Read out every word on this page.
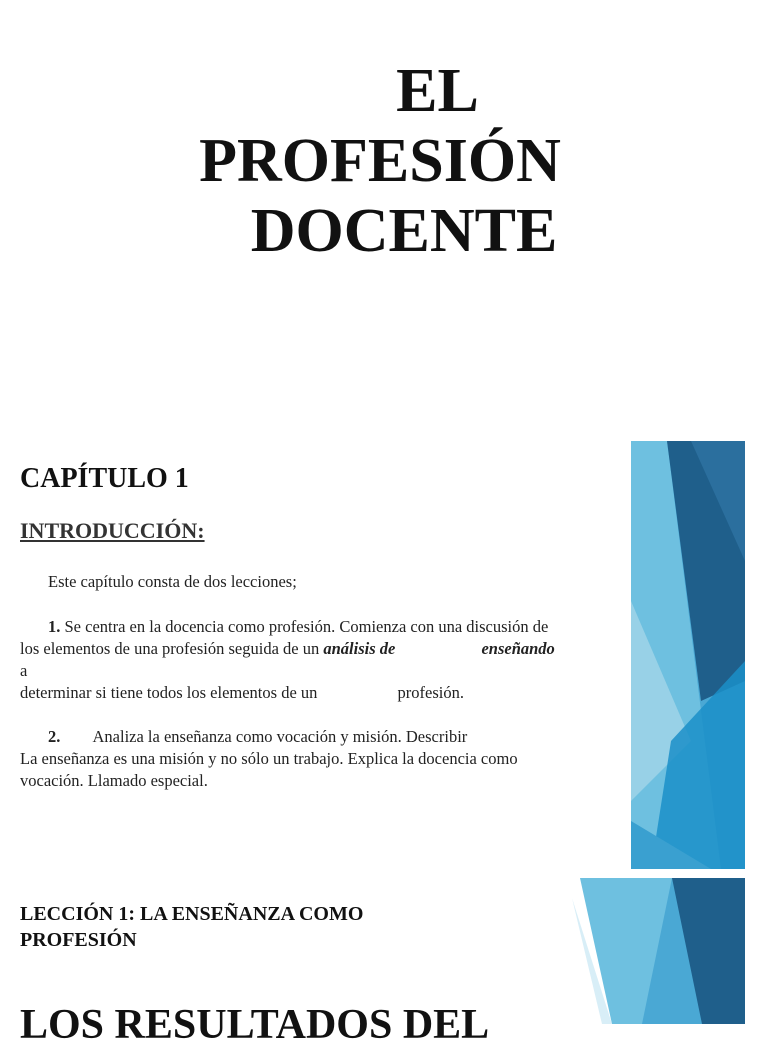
EL
PROFESIÓN
DOCENTE
CAPÍTULO 1
INTRODUCCIÓN:

Este capítulo consta de dos lecciones;

1. Se centra en la docencia como profesión. Comienza con una discusión de
los elementos de una profesión seguida de un análisis de	enseñando
a
determinar si tiene todos los elementos de un	profesión.
2. Analiza la enseñanza como vocación y misión. Describir
La enseñanza es una misión y no sólo un trabajo. Explica la docencia como
vocación. Llamado especial.
LECCIÓN 1: LA ENSEÑANZA COMO PROFESIÓN
LOS RESULTADOS DEL
